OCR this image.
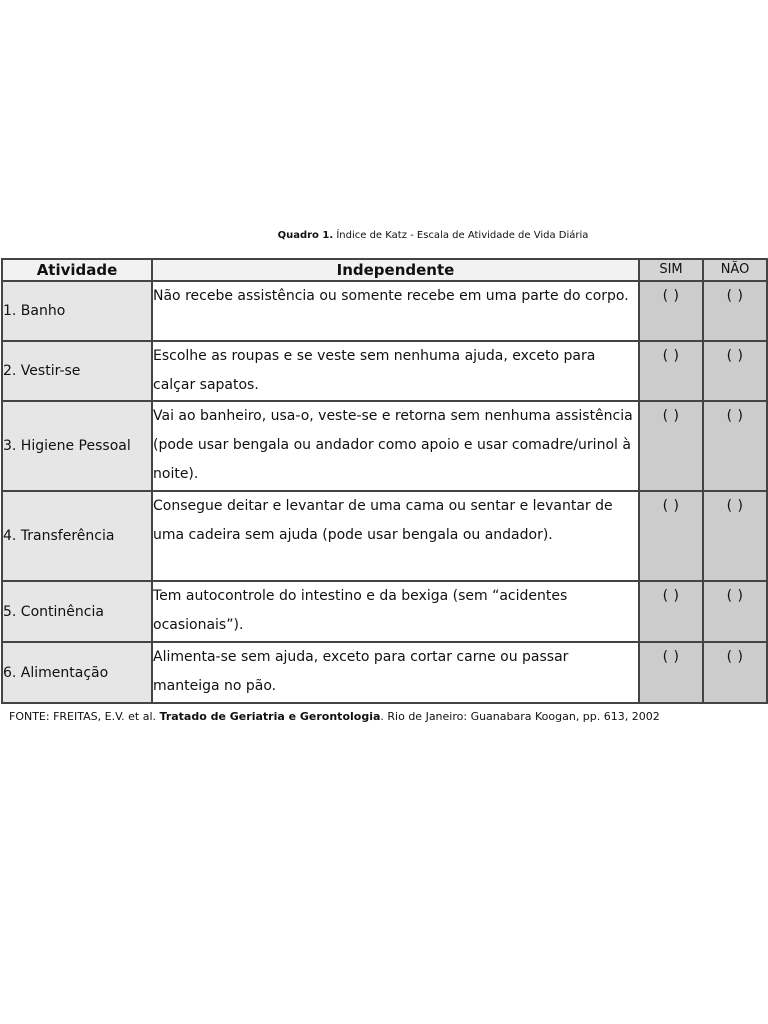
Quadro 1. Índice de Katz - Escala de Atividade de Vida Diária
Atividade	Independente	SIM	NÃO
1. Banho	Não recebe assistência ou somente recebe em uma parte do corpo.	( )	( )
2. Vestir-se	Escolhe as roupas e se veste sem nenhuma ajuda, exceto para calçar sapatos.	( )	( )
3. Higiene Pessoal	Vai ao banheiro, usa-o, veste-se e retorna sem nenhuma assistência (pode usar bengala ou andador como apoio e usar comadre/urinol à noite).	( )	( )
4. Transferência	Consegue deitar e levantar de uma cama ou sentar e levantar de uma cadeira sem ajuda (pode usar bengala ou andador).	( )	( )
5. Continência	Tem autocontrole do intestino e da bexiga (sem “acidentes ocasionais”).	( )	( )
6. Alimentação	Alimenta-se sem ajuda, exceto para cortar carne ou passar manteiga no pão.	( )	( )
FONTE: FREITAS, E.V. et al. Tratado de Geriatria e Gerontologia. Rio de Janeiro: Guanabara Koogan, pp. 613, 2002
